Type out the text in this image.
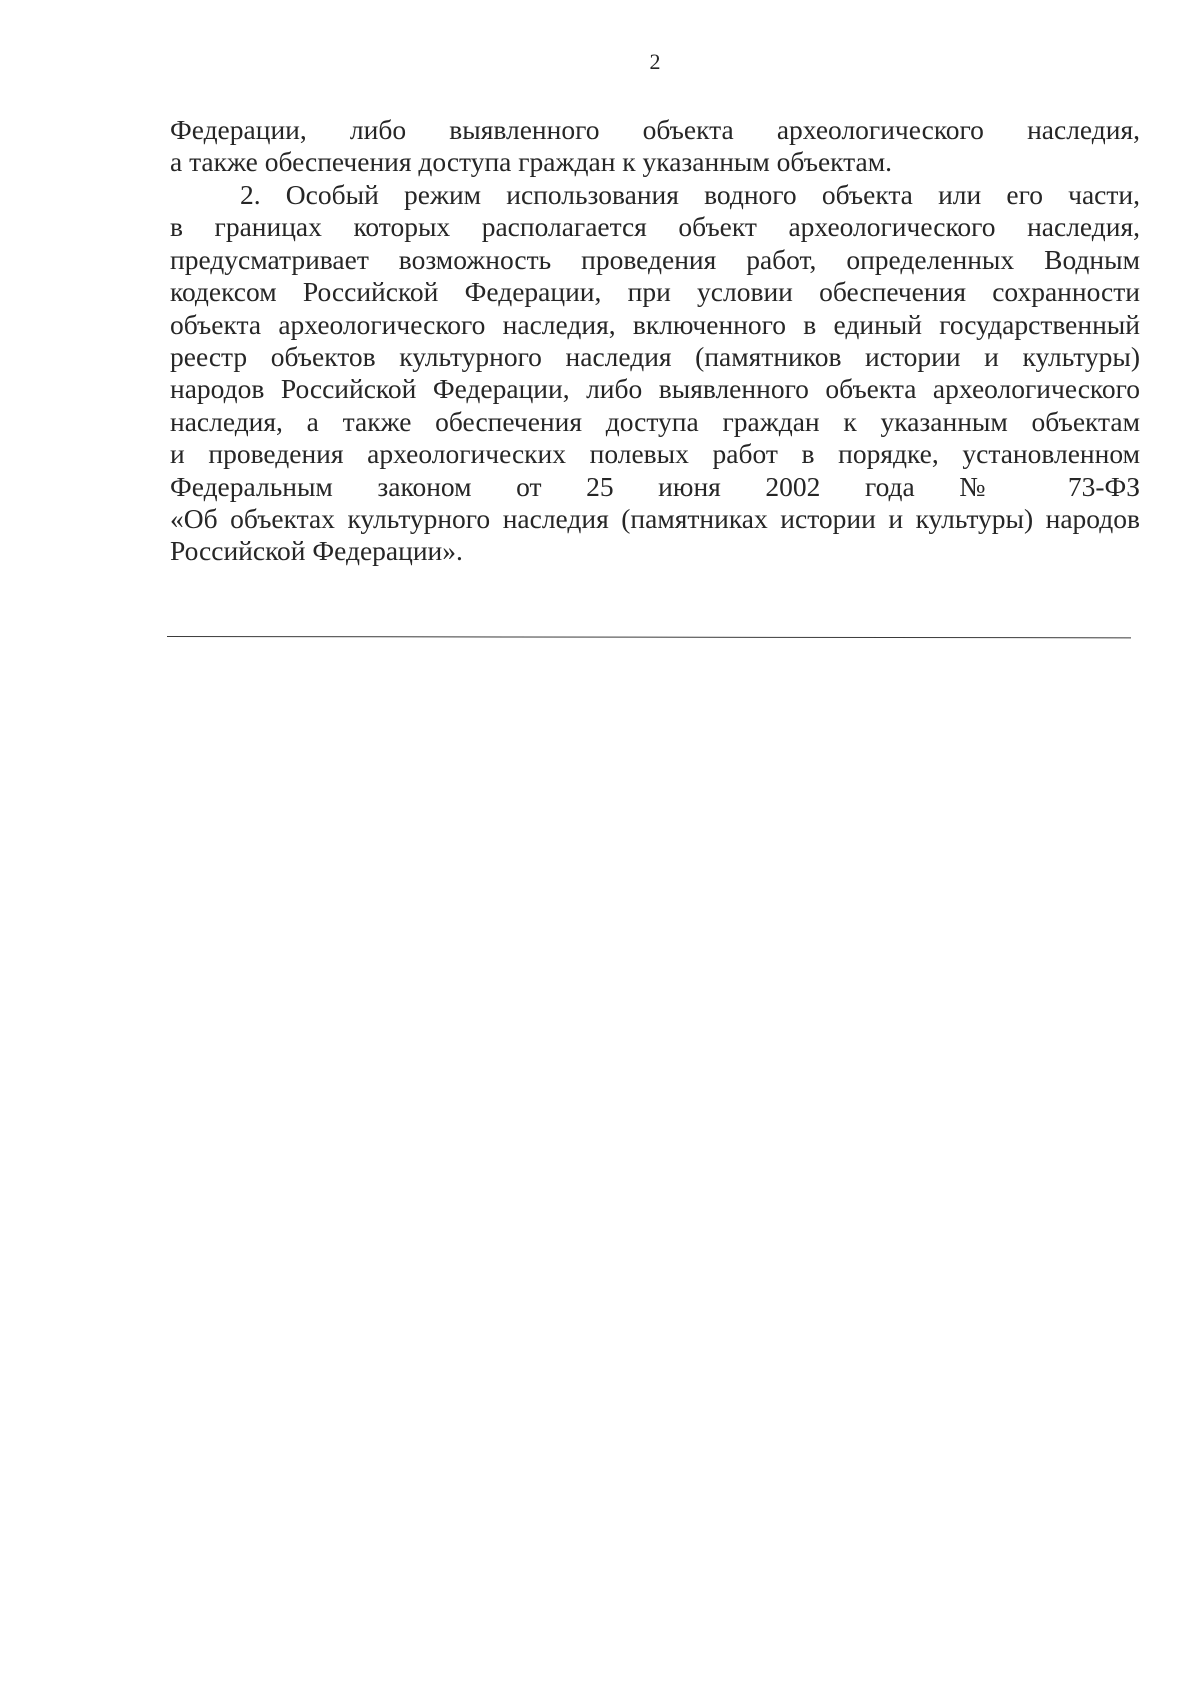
2
Федерации, либо выявленного объекта археологического наследия,
а также обеспечения доступа граждан к указанным объектам.
2. Особый режим использования водного объекта или его части,
в границах которых располагается объект археологического наследия,
предусматривает возможность проведения работ, определенных Водным
кодексом Российской Федерации, при условии обеспечения сохранности
объекта археологического наследия, включенного в единый государственный
реестр объектов культурного наследия (памятников истории и культуры)
народов Российской Федерации, либо выявленного объекта археологического
наследия, а также обеспечения доступа граждан к указанным объектам
и проведения археологических полевых работ в порядке, установленном
Федеральным законом от 25 июня 2002 года № 73-ФЗ
«Об объектах культурного наследия (памятниках истории и культуры) народов
Российской Федерации».
